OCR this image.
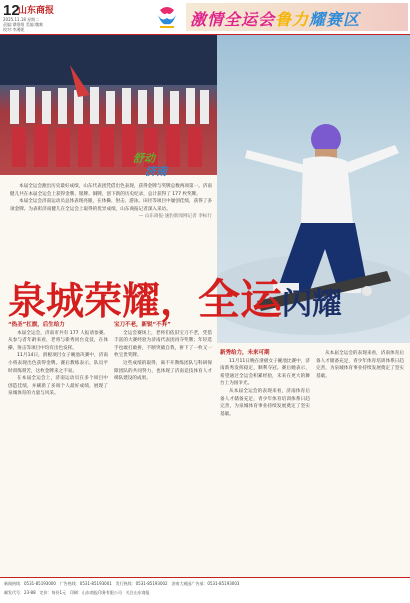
12
山东商报
2025.11.18 星期二
责编:谭维维 美编:魏黎
校对:李湘妮
激情全运会鲁力耀赛区
舒动
济南

本届全运会跑出历史最好成绩，山东代表团凭借出色表现，获得金牌与奖牌总数两项第一。济南健儿共在本届全运会上获得金牌、银牌、铜牌，创下新的历史纪录，总计获得了 177 枚奖牌。

本届全运会济南运动员总体表现亮眼，在体操、射击、游泳、田径等项目中屡创佳绩，获得了多项金牌。为表彰济南健儿在全运会上取得的优异成绩，山东商报记者深入采访。

— 山东商报·速豹新闻网记者 李标行

泉城荣耀，全运闪耀
“热圣”扛旗，后生给力

本届全运会，济南市共有 177 人报请参赛。从参与者年龄来看，老将与新秀同台竞技，在体操、射击等项目中均有出色发挥。

11月14日，滑板项目女子碗池决赛中，济南小将表现出色获得金牌。赛后教练表示，队员平时训练刻苦，这枚金牌来之不易。

在本届全运会上，济南运动员在多个项目中创造佳绩，并刷新了多项个人最好成绩，展现了泉城体育的力量与风采。

宝刀不老，新锐“不弃”

全运会赛场上，老将们依旧宝刀不老，凭借丰富的大赛经验为济南代表团再夺奖牌；年轻选手也敢打敢拼，不断突破自我，拼下了一枚又一枚宝贵奖牌。

这些成绩的取得，离不开教练团队与科研保障团队的共同努力，也体现了济南竞技体育人才梯队建设的成果。

新秀给力，未来可期

11月11日晚在滑板女子碗池比赛中，济南新秀发挥稳定，顺利夺冠。赛后她表示，希望通过全运会积累经验，未来在更大的舞台上为国争光。

从本届全运会的表现来看，济南体育后备人才储备充足，青少年体育培训体系日趋完善，为泉城体育事业持续发展奠定了坚实基础。

从本届全运会的表现来看，济南体育后备人才储备充足，青少年体育培训体系日趋完善，为泉城体育事业持续发展奠定了坚实基础。

新闻热线：0531-85193000 广告热线：0531-85193001 发行热线：0531-85193002 济南大观园广告部：0531-85193003
邮发代号：23-88 定价：每份1元 印刷：山东商报印务有限公司 关注山东商报
